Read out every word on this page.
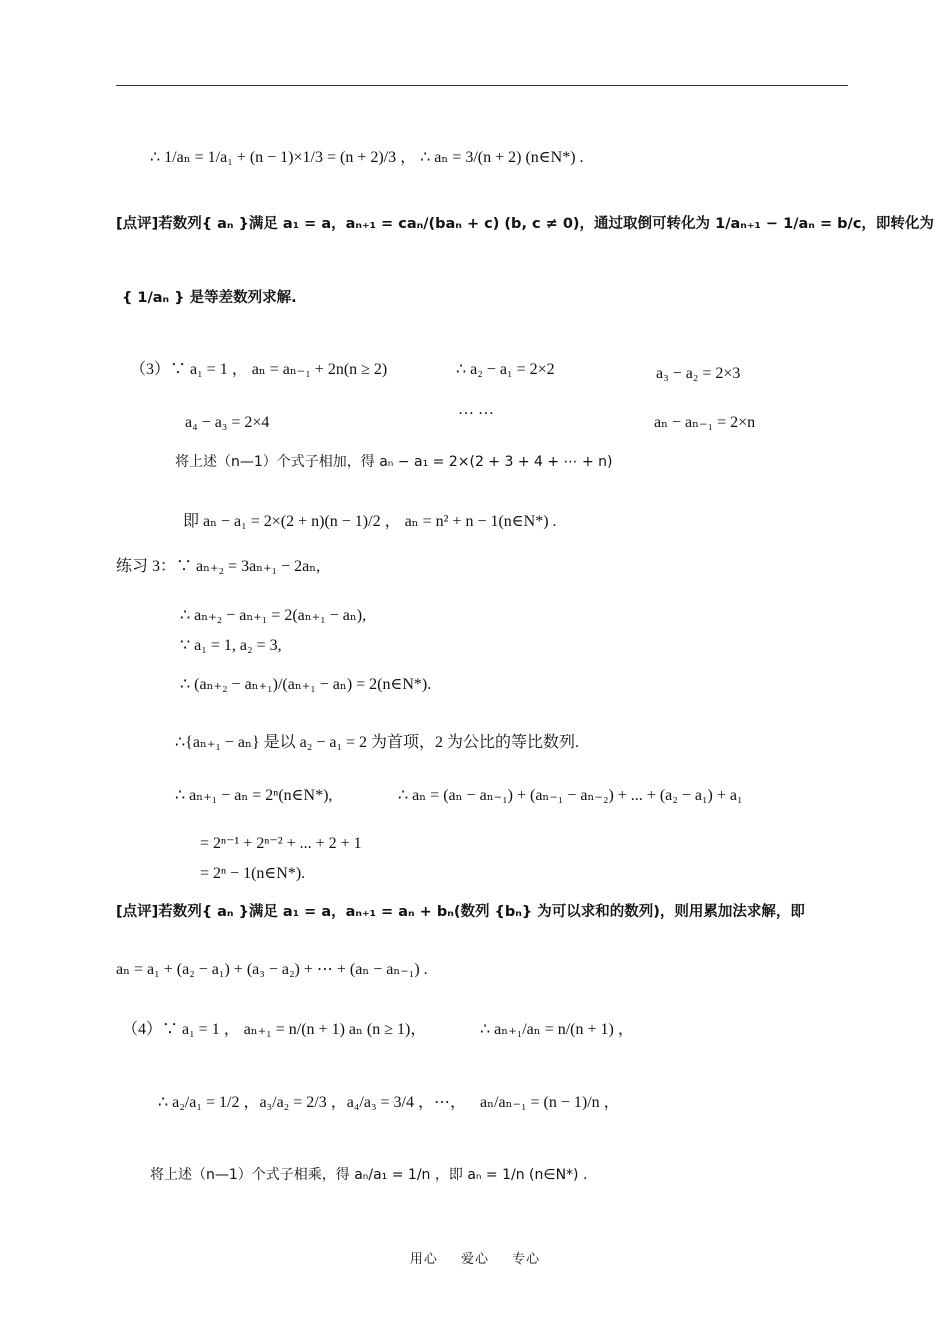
∴ 1/aₙ = 1/a₁ + (n − 1)×1/3 = (n + 2)/3 ， ∴ aₙ = 3/(n + 2) (n∈N*) .
[点评]若数列{ aₙ }满足 a₁ = a，aₙ₊₁ = caₙ/(baₙ + c) (b, c ≠ 0)，通过取倒可转化为 1/aₙ₊₁ − 1/aₙ = b/c，即转化为
{ 1/aₙ } 是等差数列求解.
（3）∵ a₁ = 1 ， aₙ = aₙ₋₁ + 2n(n ≥ 2)	∴ a₂ − a₁ = 2×2	a₃ − a₂ = 2×3
a₄ − a₃ = 2×4
… …
aₙ − aₙ₋₁ = 2×n
将上述（n—1）个式子相加，得 aₙ − a₁ = 2×(2 + 3 + 4 + ⋯ + n)
即 aₙ − a₁ = 2×(2 + n)(n − 1)/2 ， aₙ = n² + n − 1(n∈N*) .
练习 3：∵ aₙ₊₂ = 3aₙ₊₁ − 2aₙ,
∴ aₙ₊₂ − aₙ₊₁ = 2(aₙ₊₁ − aₙ),
∵ a₁ = 1, a₂ = 3,
∴ (aₙ₊₂ − aₙ₊₁)/(aₙ₊₁ − aₙ) = 2(n∈N*).
∴{aₙ₊₁ − aₙ} 是以 a₂ − a₁ = 2 为首项，2 为公比的等比数列.
∴ aₙ₊₁ − aₙ = 2ⁿ(n∈N*),	∴ aₙ = (aₙ − aₙ₋₁) + (aₙ₋₁ − aₙ₋₂) + ... + (a₂ − a₁) + a₁
= 2ⁿ⁻¹ + 2ⁿ⁻² + ... + 2 + 1
= 2ⁿ − 1(n∈N*).
[点评]若数列{ aₙ }满足 a₁ = a，aₙ₊₁ = aₙ + bₙ(数列 {bₙ} 为可以求和的数列)，则用累加法求解，即
aₙ = a₁ + (a₂ − a₁) + (a₃ − a₂) + ⋯ + (aₙ − aₙ₋₁) .
（4）∵ a₁ = 1 ， aₙ₊₁ = n/(n + 1) aₙ (n ≥ 1)，	∴ aₙ₊₁/aₙ = n/(n + 1) ，
∴ a₂/a₁ = 1/2 ，a₃/a₂ = 2/3 ，a₄/a₃ = 3/4 ，⋯， aₙ/aₙ₋₁ = (n − 1)/n ，
将上述（n—1）个式子相乘，得 aₙ/a₁ = 1/n ，即 aₙ = 1/n (n∈N*) .
用心 爱心 专心
